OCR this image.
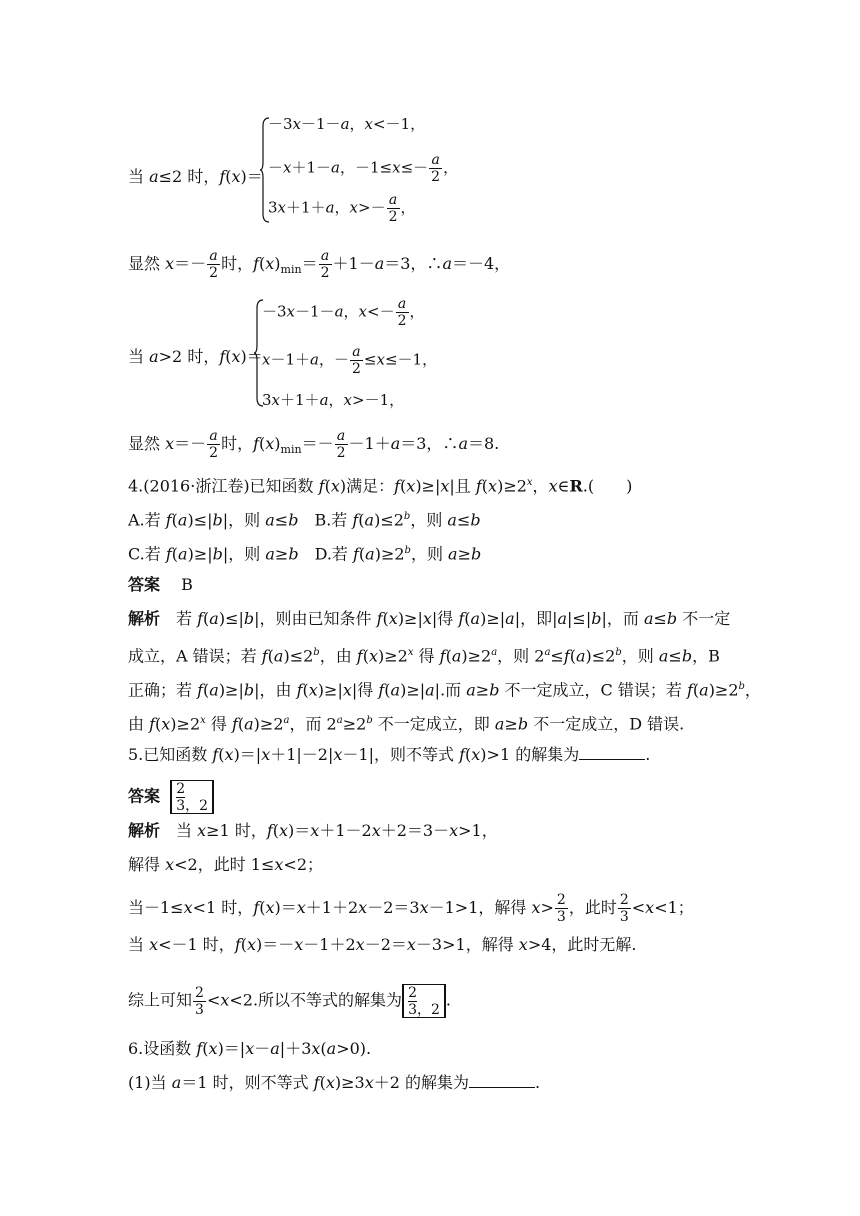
当 a≤2 时，f(x)＝
－3x－1－a，x<－1，
－x＋1－a，$-1\le x\le- \frac{a}{2}$ ，
3x＋1＋a，$x>- \frac{a}{2}$ ，
显然 $x=- \frac{a}{2}$ 时，$f(x)_{min}= \frac{a}{2} +1-a=3$，∴a＝－4，
当 a>2 时，f(x)＝
－3x－1－a，$x<- \frac{a}{2}$ ，
x－1＋a，－ $\frac{a}{2} \le x\le-1$，
3x＋1＋a，x>－1，
显然 $x=- \frac{a}{2}$ 时，$f(x)_{min}=- \frac{a}{2} -1+a=3$，∴a＝8.
4.(2016·浙江卷)已知函数 f(x)满足：f(x)≥|x|且 $f(x)\ge 2^x$，x∈R.(　　)
A.若 f(a)≤|b|，则 a≤b　B.若 $f(a)\le 2^b$，则 a≤b
C.若 f(a)≥|b|，则 a≥b　D.若 $f(a)\ge 2^b$，则 a≥b
答案　 B
解析　若 f(a)≤|b|，则由已知条件 f(x)≥|x|得 f(a)≥|a|，即|a|≤|b|，而 a≤b 不一定
成立，A 错误；若 $f(a)\le 2^b$，由 $f(x)\ge 2^x$ 得 $f(a)\ge 2^a$，则 $2^a\le f(a)\le 2^b$，则 a≤b，B
正确；若 f(a)≥|b|，由 f(x)≥|x|得 f(a)≥|a|.而 a≥b 不一定成立，C 错误；若 $f(a)\ge 2^b$，
由 $f(x)\ge 2^x$ 得 $f(a)\ge 2^a$，而 $2^a\ge 2^b$ 不一定成立，即 a≥b 不一定成立，D 错误.
5.已知函数 f(x)＝|x＋1|－2|x－1|，则不等式 f(x)>1 的解集为	.
答案 $\frac{2}{3}$ ，2
解析　当 x≥1 时，f(x)＝x＋1－2x＋2＝3－x>1，
解得 x<2，此时 1≤x<2；
当－1≤x<1 时，f(x)＝x＋1＋2x－2＝3x－1>1，解得 $x> \frac{2}{3}$ ，此时 $\frac{2}{3} <x<1$；
当 x<－1 时，f(x)＝－x－1＋2x－2＝x－3>1，解得 x>4，此时无解.
综上可知 $\frac{2}{3} <x<2$.所以不等式的解集为 $\frac{2}{3}$ ，2.
6.设函数 f(x)＝|x－a|＋3x(a>0).
(1)当 a＝1 时，则不等式 f(x)≥3x＋2 的解集为	.
